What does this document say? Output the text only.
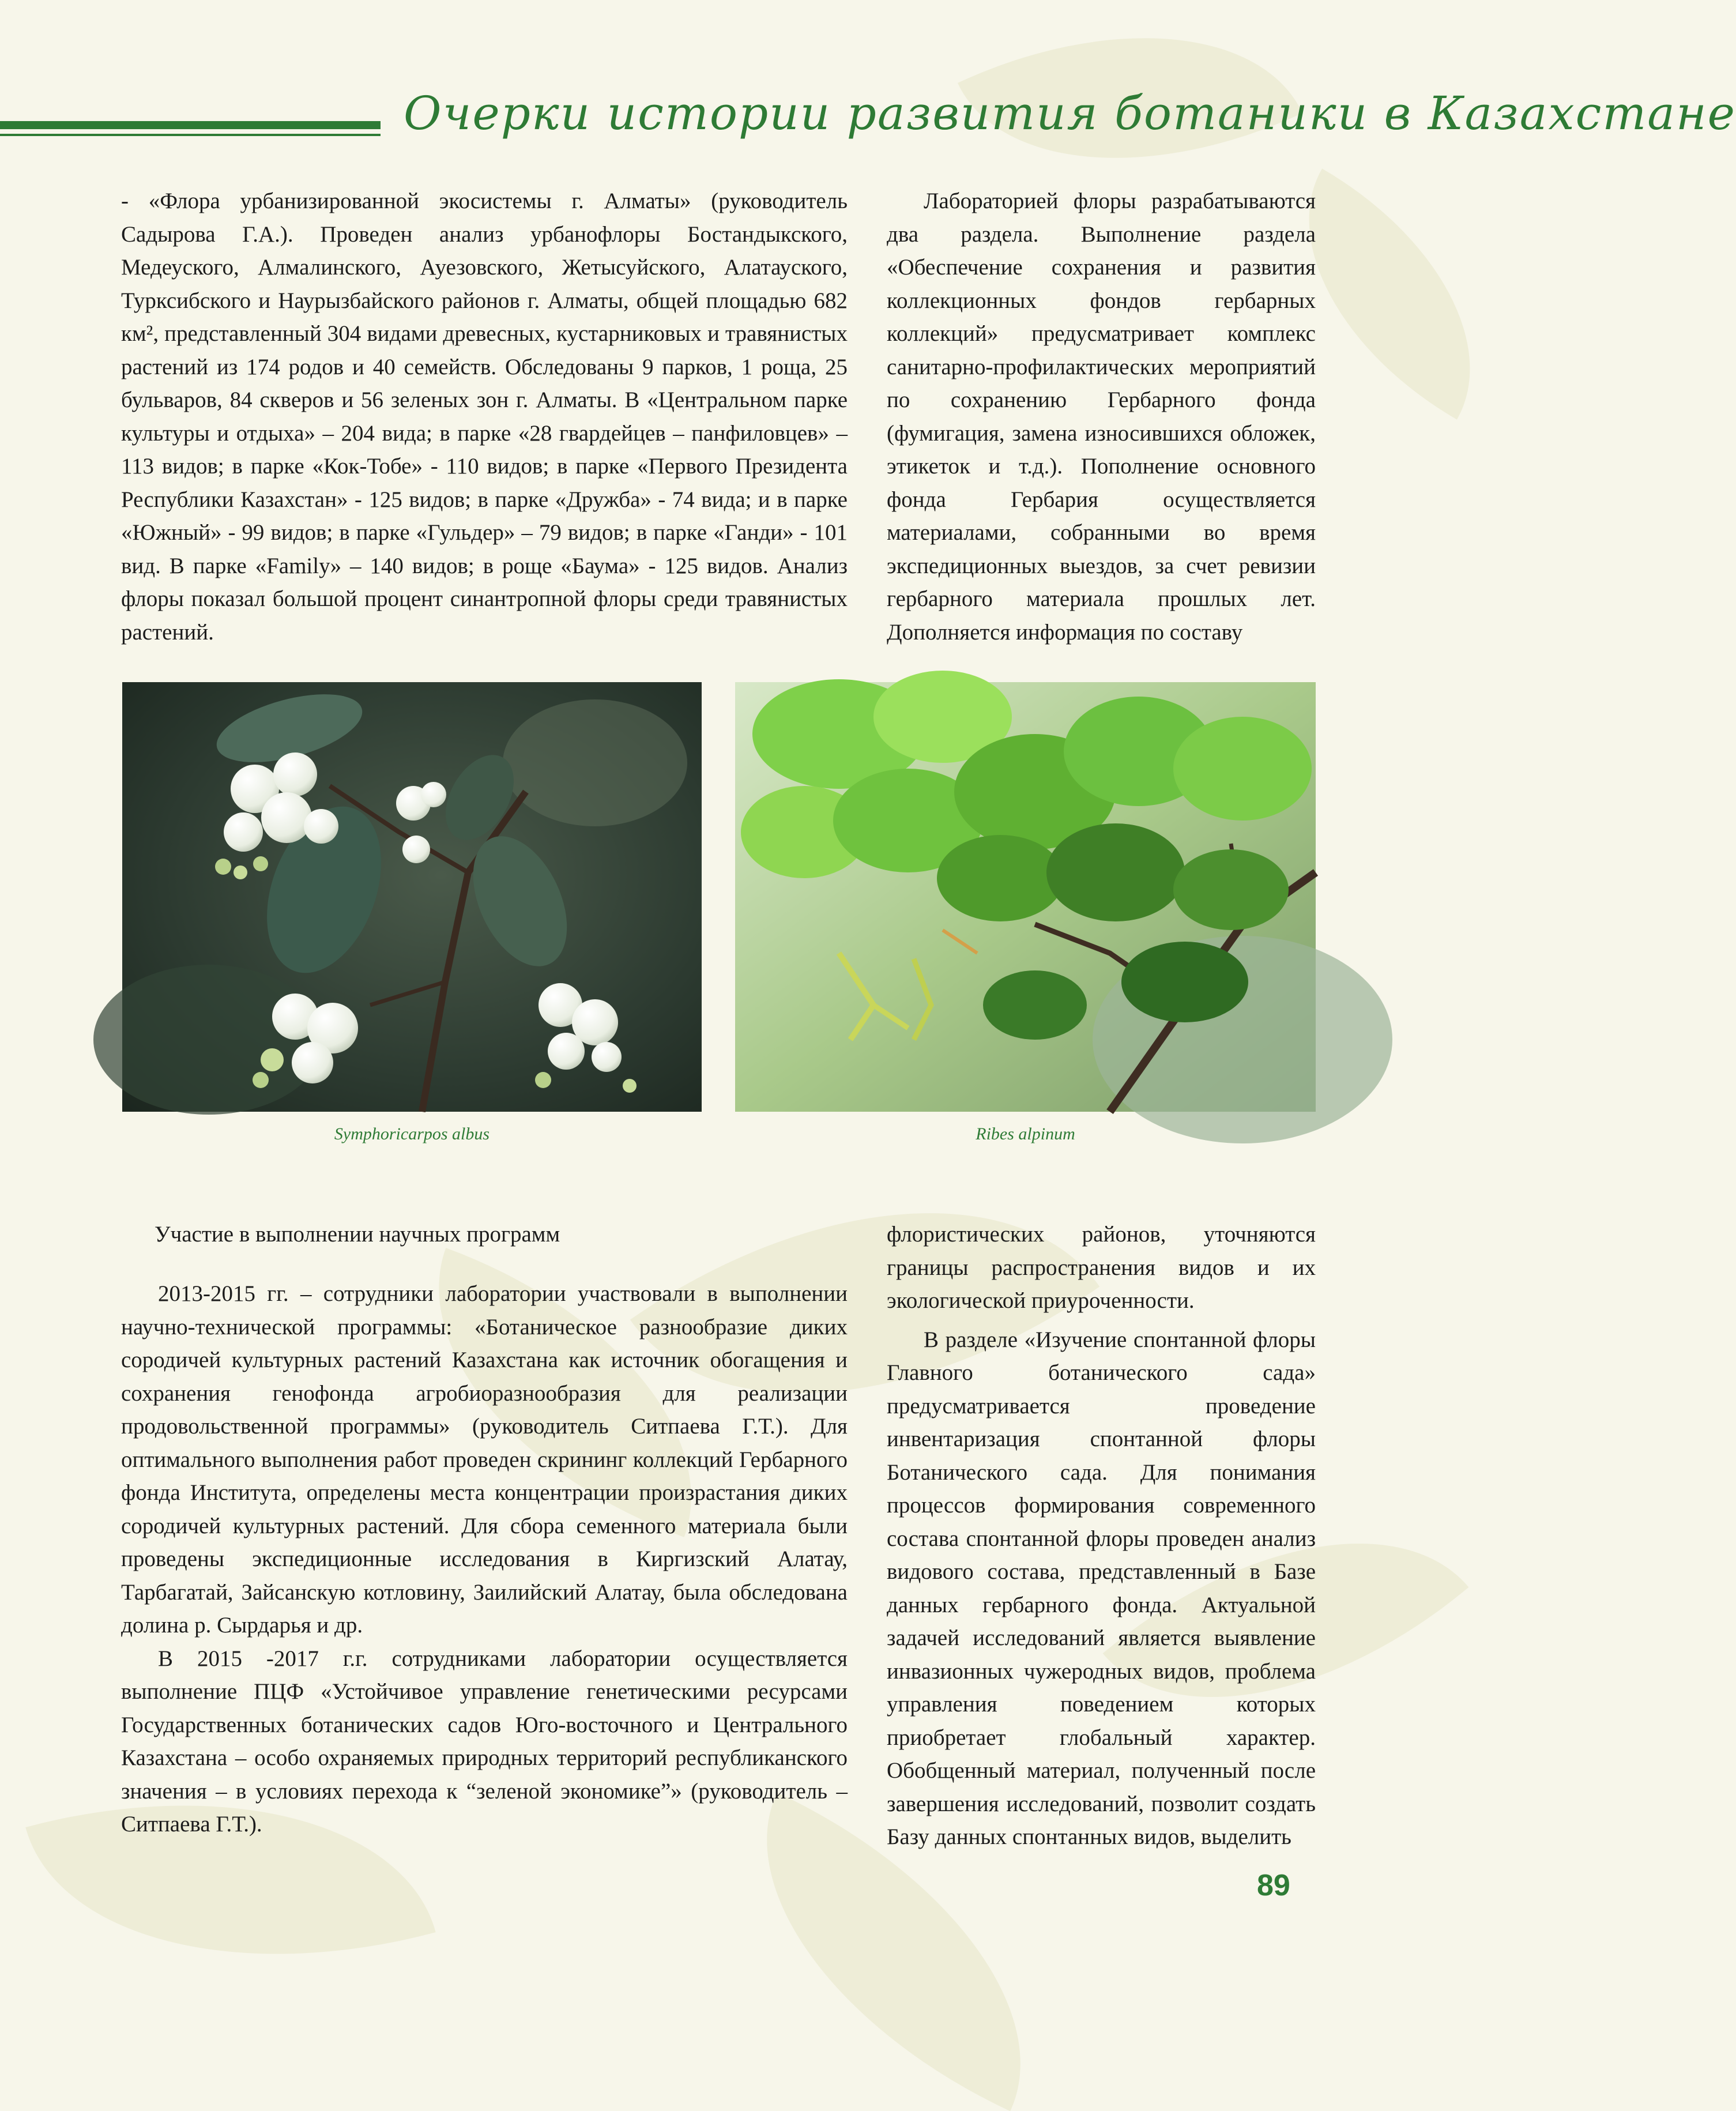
Очерки истории развития ботаники в Казахстане

- «Флора урбанизированной экосистемы г. Алматы» (руководитель Садырова Г.А.). Проведен анализ урбанофлоры Бостандыкского, Медеуского, Алмалинского, Ауезовского, Жетысуйского, Алатауского, Турксибского и Наурызбайского районов г. Алматы, общей площадью 682 км², представленный 304 видами древесных, кустарниковых и травянистых растений из 174 родов и 40 семейств. Обследованы 9 парков, 1 роща, 25 бульваров, 84 скверов и 56 зеленых зон г. Алматы. В «Центральном парке культуры и отдыха» – 204 вида; в парке «28 гвардейцев – панфиловцев» – 113 видов; в парке «Кок-Тобе» - 110 видов; в парке «Первого Президента Республики Казахстан» - 125 видов; в парке «Дружба» - 74 вида; и в парке «Южный» - 99 видов; в парке «Гульдер» – 79 видов; в парке «Ганди» - 101 вид. В парке «Family» – 140 видов; в роще «Баума» - 125 видов. Анализ флоры показал большой процент синантропной флоры среди травянистых растений.

Лабораторией флоры разрабатываются два раздела. Выполнение раздела «Обеспечение сохранения и развития коллекционных фондов гербарных коллекций» предусматривает комплекс санитарно-профилактических мероприятий по сохранению Гербарного фонда (фумигация, замена износившихся обложек, этикеток и т.д.). Пополнение основного фонда Гербария осуществляется материалами, собранными во время экспедиционных выездов, за счет ревизии гербарного материала прошлых лет. Дополняется информация по составу

Symphoricarpos albus	Ribes alpinum
Участие в выполнении научных программ

2013-2015 гг. – сотрудники лаборатории участвовали в выполнении научно-технической программы: «Ботаническое разнообразие диких сородичей культурных растений Казахстана как источник обогащения и сохранения генофонда агробиоразнообразия для реализации продовольственной программы» (руководитель Ситпаева Г.Т.). Для оптимального выполнения работ проведен скрининг коллекций Гербарного фонда Института, определены места концентрации произрастания диких сородичей культурных растений. Для сбора семенного материала были проведены экспедиционные исследования в Киргизский Алатау, Тарбагатай, Зайсанскую котловину, Заилийский Алатау, была обследована долина р. Сырдарья и др.

В 2015 -2017 г.г. сотрудниками лаборатории осуществляется выполнение ПЦФ «Устойчивое управление генетическими ресурсами Государственных ботанических садов Юго-восточного и Центрального Казахстана – особо охраняемых природных территорий республиканского значения – в условиях перехода к “зеленой экономике”» (руководитель – Ситпаева Г.Т.).

флористических районов, уточняются границы распространения видов и их экологической приуроченности.

В разделе «Изучение спонтанной флоры Главного ботанического сада» предусматривается проведение инвентаризация спонтанной флоры Ботанического сада. Для понимания процессов формирования современного состава спонтанной флоры проведен анализ видового состава, представленный в Базе данных гербарного фонда. Актуальной задачей исследований является выявление инвазионных чужеродных видов, проблема управления поведением которых приобретает глобальный характер. Обобщенный материал, полученный после завершения исследований, позволит создать Базу данных спонтанных видов, выделить

89
